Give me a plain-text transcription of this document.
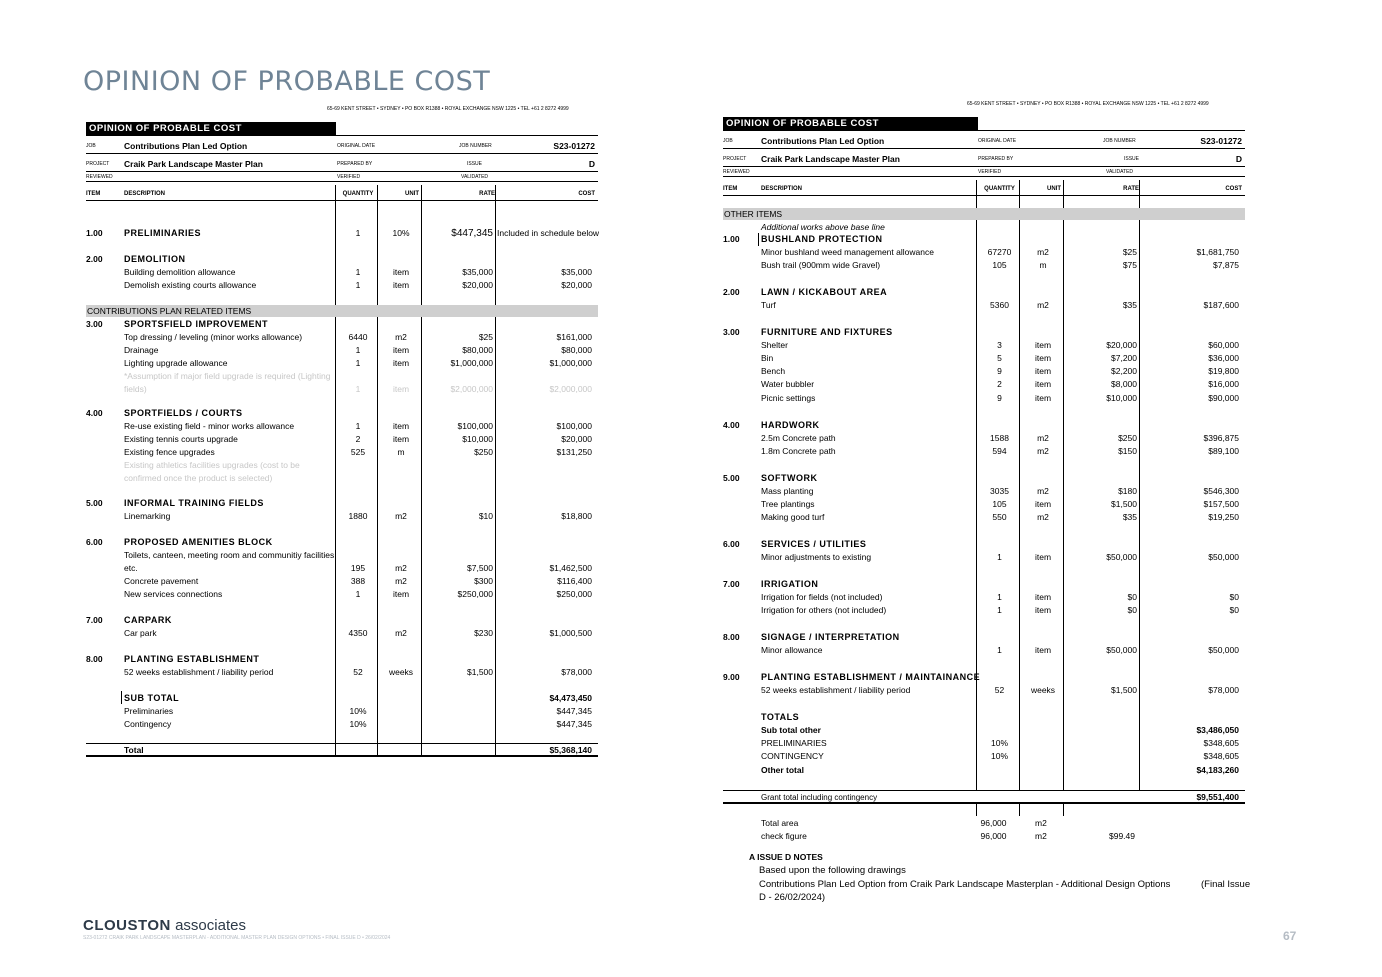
OPINION OF PROBABLE COST
65-69 KENT STREET • SYDNEY • PO BOX R1388 • ROYAL EXCHANGE NSW 1225 • TEL +61 2 8272 4999
OPINION OF PROBABLE COST
JOB	Contributions Plan Led Option	ORIGINAL DATE	JOB NUMBER	S23-01272
PROJECT Craik Park Landscape Master Plan	PREPARED BY	ISSUE	D
REVIEWED	VERIFIED	VALIDATED
ITEM	DESCRIPTION	QUANTITY	UNIT	RATE	COST
1.00 PRELIMINARIES	1	10%	$447,345 Included in schedule below
2.00 DEMOLITION
Building demolition allowance	1	item	$35,000	$35,000
Demolish existing courts allowance	1	item	$20,000	$20,000
CONTRIBUTIONS PLAN RELATED ITEMS
3.00 SPORTSFIELD IMPROVEMENT
Top dressing / leveling (minor works allowance)	6440	m2	$25	$161,000
Drainage	1	item	$80,000	$80,000
Lighting upgrade allowance	1	item	$1,000,000	$1,000,000
*Assumption if major field upgrade is required (Lighting
fields)	1	item	$2,000,000	$2,000,000
4.00 SPORTFIELDS / COURTS
Re-use existing field - minor works allowance	1	item	$100,000	$100,000
Existing tennis courts upgrade	2	item	$10,000	$20,000
Existing fence upgrades	525	m	$250	$131,250
Existing athletics facilities upgrades (cost to be
confirmed once the product is selected)
5.00 INFORMAL TRAINING FIELDS
Linemarking	1880	m2	$10	$18,800
6.00 PROPOSED AMENITIES BLOCK
Toilets, canteen, meeting room and communitiy facilities,
etc.	195	m2	$7,500	$1,462,500
Concrete pavement	388	m2	$300	$116,400
New services connections	1	item	$250,000	$250,000
7.00 CARPARK
Car park	4350	m2	$230	$1,000,500
8.00 PLANTING ESTABLISHMENT
52 weeks establishment / liability period	52	weeks	$1,500	$78,000
SUB TOTAL	$4,473,450
Preliminaries	10%	$447,345
Contingency	10%	$447,345
Total	$5,368,140
65-69 KENT STREET • SYDNEY • PO BOX R1388 • ROYAL EXCHANGE NSW 1225 • TEL +61 2 8272 4999
OPINION OF PROBABLE COST
JOB	Contributions Plan Led Option	ORIGINAL DATE	JOB NUMBER	S23-01272
PROJECT Craik Park Landscape Master Plan	PREPARED BY	ISSUE	D
REVIEWED	VERIFIED	VALIDATED
ITEM	DESCRIPTION	QUANTITY	UNIT	RATE	COST
OTHER ITEMS
Additional works above base line
1.00 BUSHLAND PROTECTION
Minor bushland weed management allowance	67270	m2	$25	$1,681,750
Bush trail (900mm wide Gravel)	105	m	$75	$7,875
2.00 LAWN / KICKABOUT AREA
Turf	5360	m2	$35	$187,600
3.00 FURNITURE AND FIXTURES
Shelter	3	item	$20,000	$60,000
Bin	5	item	$7,200	$36,000
Bench	9	item	$2,200	$19,800
Water bubbler	2	item	$8,000	$16,000
Picnic settings	9	item	$10,000	$90,000
4.00 HARDWORK
2.5m Concrete path	1588	m2	$250	$396,875
1.8m Concrete path	594	m2	$150	$89,100
5.00 SOFTWORK
Mass planting	3035	m2	$180	$546,300
Tree plantings	105	item	$1,500	$157,500
Making good turf	550	m2	$35	$19,250
6.00 SERVICES / UTILITIES
Minor adjustments to existing	1	item	$50,000	$50,000
7.00 IRRIGATION
Irrigation for fields (not included)	1	item	$0	$0
Irrigation for others (not included)	1	item	$0	$0
8.00 SIGNAGE / INTERPRETATION
Minor allowance	1	item	$50,000	$50,000
9.00 PLANTING ESTABLISHMENT / MAINTAINANCE
52 weeks establishment / liability period	52	weeks	$1,500	$78,000
TOTALS
Sub total other	$3,486,050
PRELIMINARIES	10%	$348,605
CONTINGENCY	10%	$348,605
Other total	$4,183,260
Grant total including contingency	$9,551,400
Total area	96,000	m2
check figure	96,000	m2	$99.49
A ISSUE D NOTES
Based upon the following drawings
Contributions Plan Led Option from Craik Park Landscape Masterplan - Additional Design Options	(Final Issue
D - 26/02/2024)
CLOUSTON associates
S23-01272 CRAIK PARK LANDSCAPE MASTERPLAN - ADDITIONAL MASTER PLAN DESIGN OPTIONS • FINAL ISSUE D • 26/02/2024	67
